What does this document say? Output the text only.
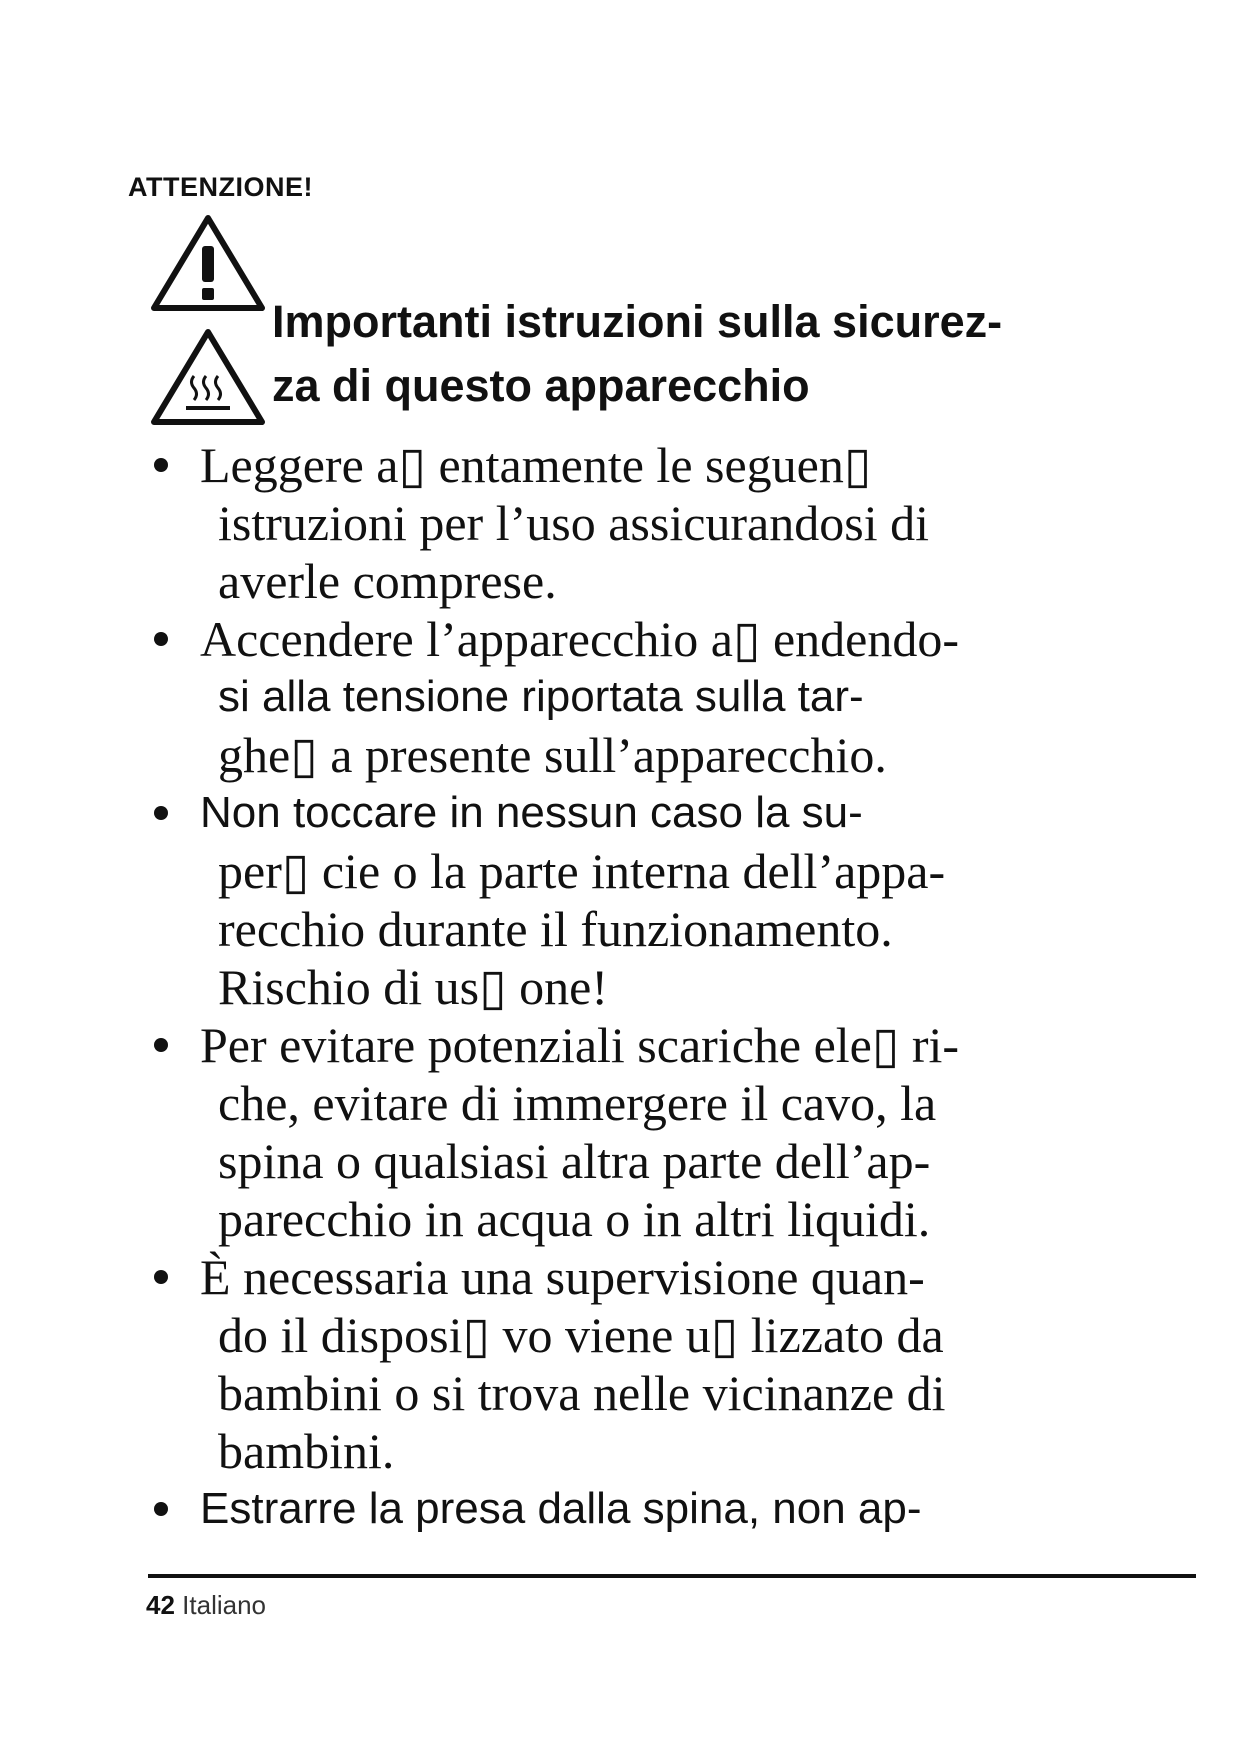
ATTENZIONE!
Importanti istruzioni sulla sicurez-
za di questo apparecchio
Leggere a▯ entamente le seguen▯
istruzioni per l’uso assicurandosi di
averle comprese.
Accendere l’apparecchio a▯ endendo-
si alla tensione riportata sulla tar-
ghe▯ a presente sull’apparecchio.
Non toccare in nessun caso la su-
per▯ cie o la parte interna dell’appa-
recchio durante il funzionamento.
Rischio di us▯ one!
Per evitare potenziali scariche ele▯ ri-
che, evitare di immergere il cavo, la
spina o qualsiasi altra parte dell’ap-
parecchio in acqua o in altri liquidi.
È necessaria una supervisione quan-
do il disposi▯ vo viene u▯ lizzato da
bambini o si trova nelle vicinanze di
bambini.
Estrarre la presa dalla spina, non ap-
42 Italiano
